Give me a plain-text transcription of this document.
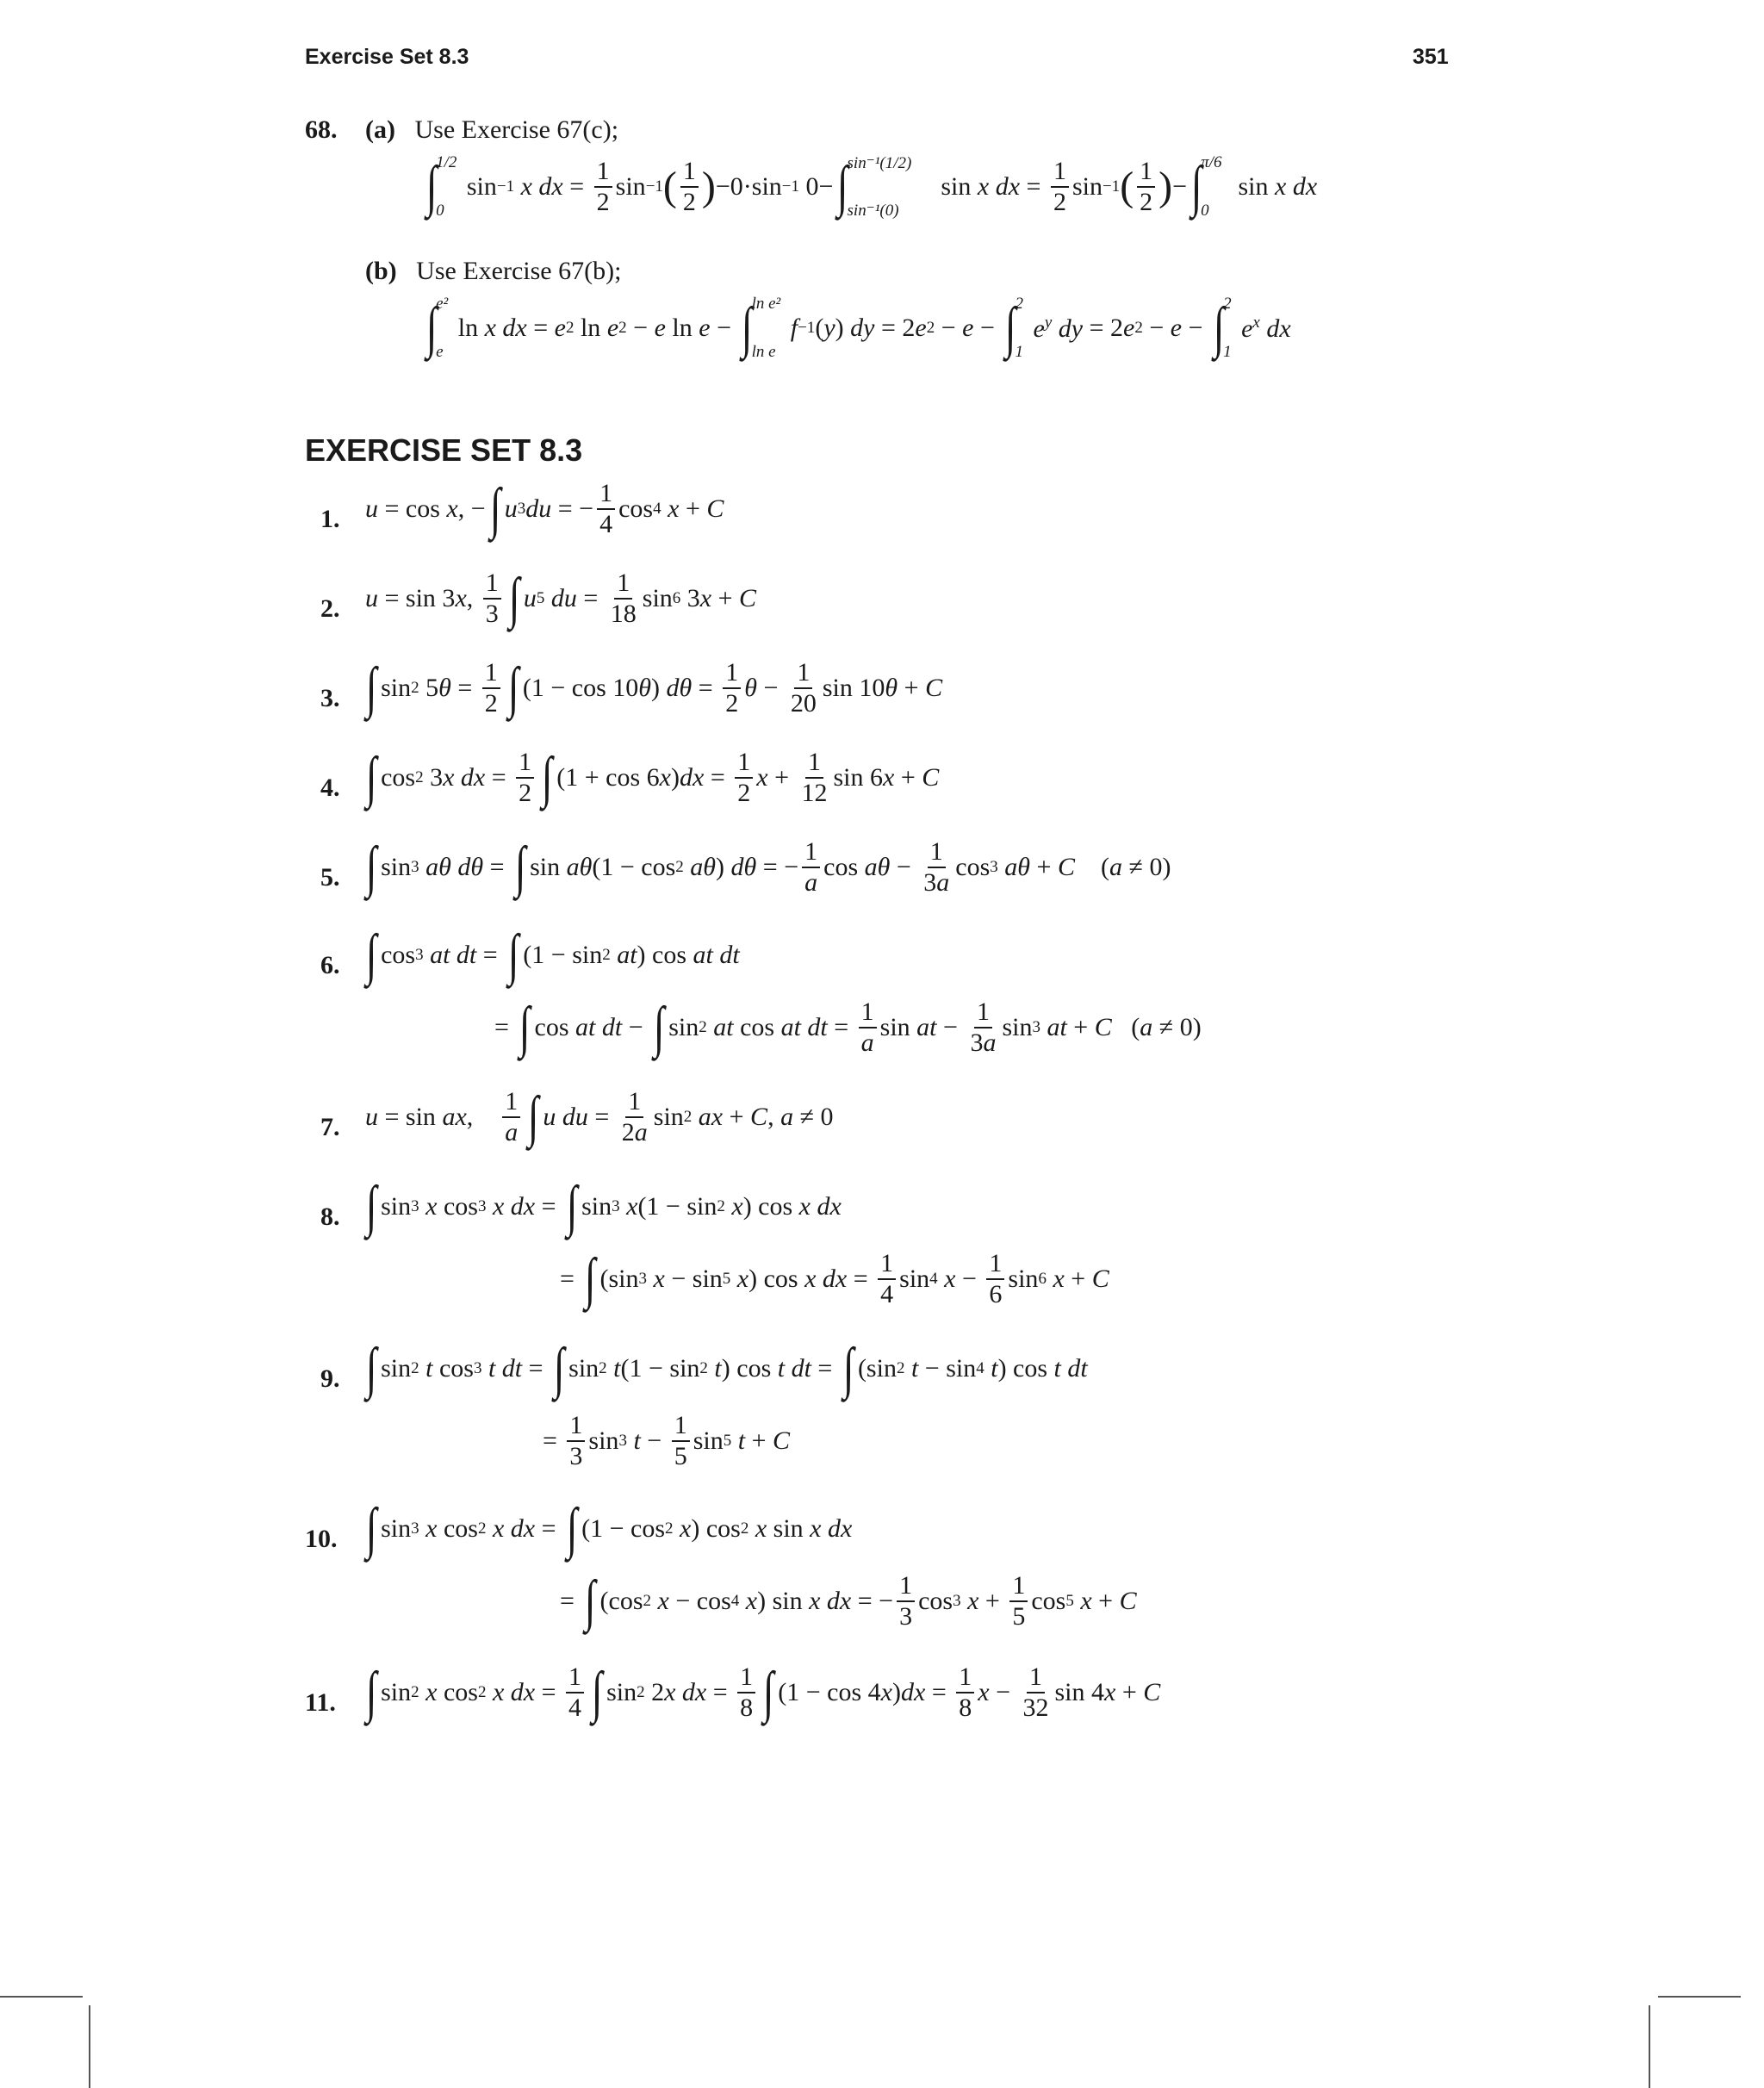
Exercise Set 8.3	351
68. (a) Use Exercise 67(c);
∫
1/2
0
sin −1
x dx =
1
2
sin −1 ( 1
2 ) −0·sin −1 0− ∫
sin⁻¹(1/2)
sin⁻¹(0)
sin x dx =
1
2
sin −1 ( 1
2 ) − ∫
π/6
0
sin x dx
(b) Use Exercise 67(b);
∫
e²
e
ln x dx = e 2 ln e 2 − e ln e − ∫
ln e²
ln e

f −1 ( y ) dy = 2 e 2 − e − ∫
2
1

$e^y$ dy = 2 e 2 − e − ∫
2
1

$e^x$ dx
EXERCISE SET 8.3
1. u = cos x , − ∫ u 3 du = −
1
4
cos 4
x + C
2. u = sin 3 x ,
1
3 ∫ u 5
du =
1
18
sin 6 3 x + C
3. ∫ sin 2 5 θ =
1
2 ∫ (1 − cos 10 θ ) dθ =
1
2
θ −
1
20
sin 10 θ + C
4. ∫ cos 2 3 x dx =
1
2 ∫ (1 + cos 6 x ) dx =
1
2
x +
1
12
sin 6 x + C
5. ∫ sin 3
aθ dθ = ∫ sin aθ (1 − cos 2
aθ ) dθ = −
1
a
cos aθ −
1
3a
cos 3
aθ + C ( a ≠ 0)
6. ∫ cos 3
at dt = ∫ (1 − sin 2
at ) cos at dt
= ∫ cos at dt − ∫ sin 2
at cos at dt =
1
a
sin at −
1
3a
sin 3
at + C ( a ≠ 0)
7. u = sin ax ,
1
a ∫ u du =
1
2a
sin 2
ax + C , a ≠ 0
8. ∫ sin 3
x cos 3
x dx = ∫ sin 3
x (1 − sin 2
x ) cos x dx
= ∫ (sin 3
x − sin 5
x ) cos x dx =
1
4
sin 4
x −
1
6
sin 6
x + C
9. ∫ sin 2
t cos 3
t dt = ∫ sin 2
t (1 − sin 2
t ) cos t dt = ∫ (sin 2
t − sin 4
t ) cos t dt
=
1
3
sin 3
t −
1
5
sin 5
t + C
10. ∫ sin 3
x cos 2
x dx = ∫ (1 − cos 2
x ) cos 2
x sin x dx
= ∫ (cos 2
x − cos 4
x ) sin x dx = −
1
3
cos 3
x +
1
5
cos 5
x + C
11. ∫ sin 2
x cos 2
x dx =
1
4 ∫ sin 2 2 x dx =
1
8 ∫ (1 − cos 4 x ) dx =
1
8
x −
1
32
sin 4 x + C
